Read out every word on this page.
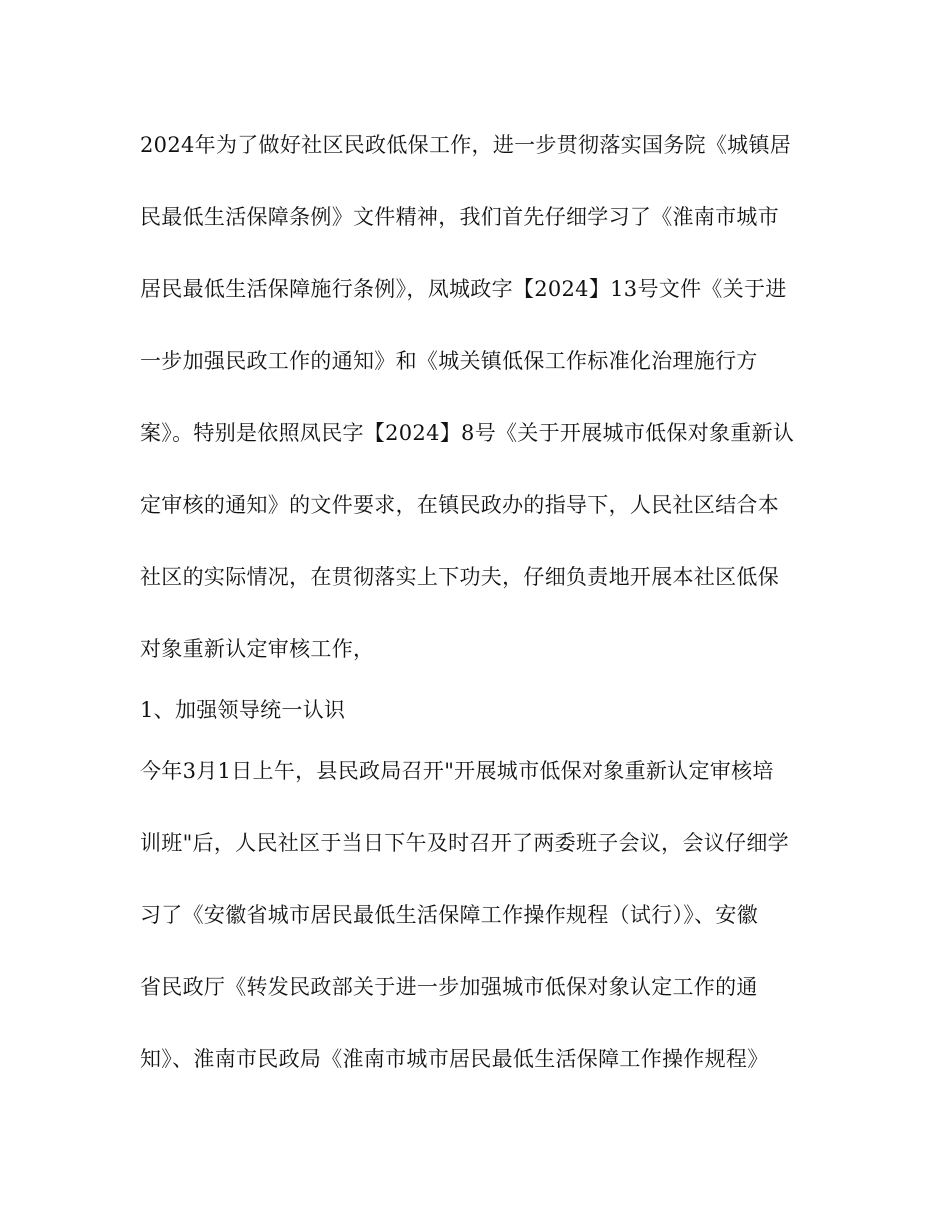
2024年为了做好社区民政低保工作，进一步贯彻落实国务院《城镇居
民最低生活保障条例》文件精神，我们首先仔细学习了《淮南市城市
居民最低生活保障施行条例》，凤城政字【2024】13号文件《关于进
一步加强民政工作的通知》和《城关镇低保工作标准化治理施行方
案》。特别是依照凤民字【2024】8号《关于开展城市低保对象重新认
定审核的通知》的文件要求，在镇民政办的指导下，人民社区结合本
社区的实际情况，在贯彻落实上下功夫，仔细负责地开展本社区低保
对象重新认定审核工作，
1、加强领导统一认识
今年3月1日上午，县民政局召开"开展城市低保对象重新认定审核培
训班"后，人民社区于当日下午及时召开了两委班子会议，会议仔细学
习了《安徽省城市居民最低生活保障工作操作规程（试行）》、安徽
省民政厅《转发民政部关于进一步加强城市低保对象认定工作的通
知》、淮南市民政局《淮南市城市居民最低生活保障工作操作规程》
